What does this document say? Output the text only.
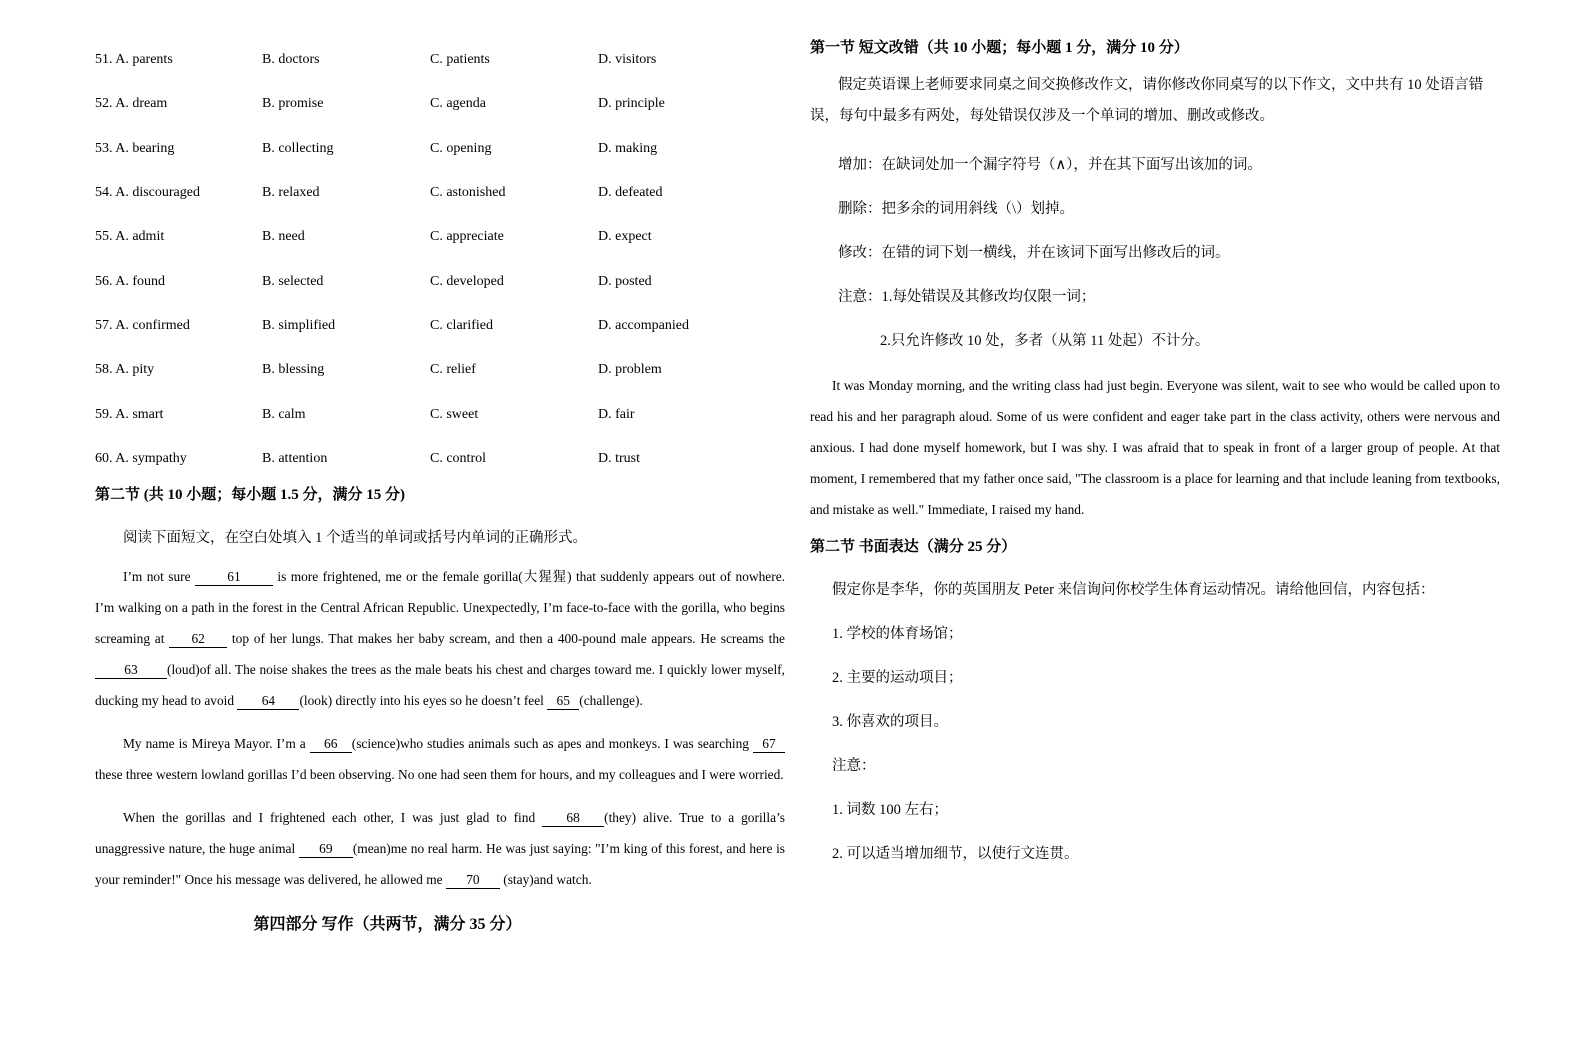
51. A. parents	B. doctors	C. patients	D. visitors
52. A. dream	B. promise	C. agenda	D. principle
53. A. bearing	B. collecting	C. opening	D. making
54. A. discouraged	B. relaxed	C. astonished	D. defeated
55. A. admit	B. need	C. appreciate	D. expect
56. A. found	B. selected	C. developed	D. posted
57. A. confirmed	B. simplified	C. clarified	D. accompanied
58. A. pity	B. blessing	C. relief	D. problem
59. A. smart	B. calm	C. sweet	D. fair
60. A. sympathy	B. attention	C. control	D. trust
第二节 (共 10 小题；每小题 1.5 分，满分 15 分)
阅读下面短文，在空白处填入 1 个适当的单词或括号内单词的正确形式。

I’m not sure 61 is more frightened, me or the female gorilla(大猩猩) that suddenly appears out of nowhere. I’m walking on a path in the forest in the Central African Republic. Unexpectedly, I’m face-to-face with the gorilla, who begins screaming at 62 top of her lungs. That makes her baby scream, and then a 400-pound male appears. He screams the 63 (loud)of all. The noise shakes the trees as the male beats his chest and charges toward me. I quickly lower myself, ducking my head to avoid 64 (look) directly into his eyes so he doesn’t feel 65 (challenge).

My name is Mireya Mayor. I’m a 66 (science)who studies animals such as apes and monkeys. I was searching 67 these three western lowland gorillas I’d been observing. No one had seen them for hours, and my colleagues and I were worried.

When the gorillas and I frightened each other, I was just glad to find 68 (they) alive. True to a gorilla’s unaggressive nature, the huge animal 69 (mean)me no real harm. He was just saying: "I’m king of this forest, and here is your reminder!" Once his message was delivered, he allowed me 70 (stay)and watch.

第四部分 写作（共两节，满分 35 分）
第一节 短文改错（共 10 小题；每小题 1 分，满分 10 分）

假定英语课上老师要求同桌之间交换修改作文，请你修改你同桌写的以下作文，文中共有 10 处语言错误，每句中最多有两处，每处错误仅涉及一个单词的增加、删改或修改。

增加：在缺词处加一个漏字符号（∧），并在其下面写出该加的词。
删除：把多余的词用斜线（\）划掉。
修改：在错的词下划一横线，并在该词下面写出修改后的词。
注意：1.每处错误及其修改均仅限一词；
2.只允许修改 10 处，多者（从第 11 处起）不计分。

It was Monday morning, and the writing class had just begin. Everyone was silent, wait to see who would be called upon to read his and her paragraph aloud. Some of us were confident and eager take part in the class activity, others were nervous and anxious. I had done myself homework, but I was shy. I was afraid that to speak in front of a larger group of people. At that moment, I remembered that my father once said, "The classroom is a place for learning and that include leaning from textbooks, and mistake as well." Immediate, I raised my hand.

第二节 书面表达（满分 25 分）
假定你是李华，你的英国朋友 Peter 来信询问你校学生体育运动情况。请给他回信，内容包括：
1. 学校的体育场馆；
2. 主要的运动项目；
3. 你喜欢的项目。
注意：
1. 词数 100 左右；
2. 可以适当增加细节，以使行文连贯。
